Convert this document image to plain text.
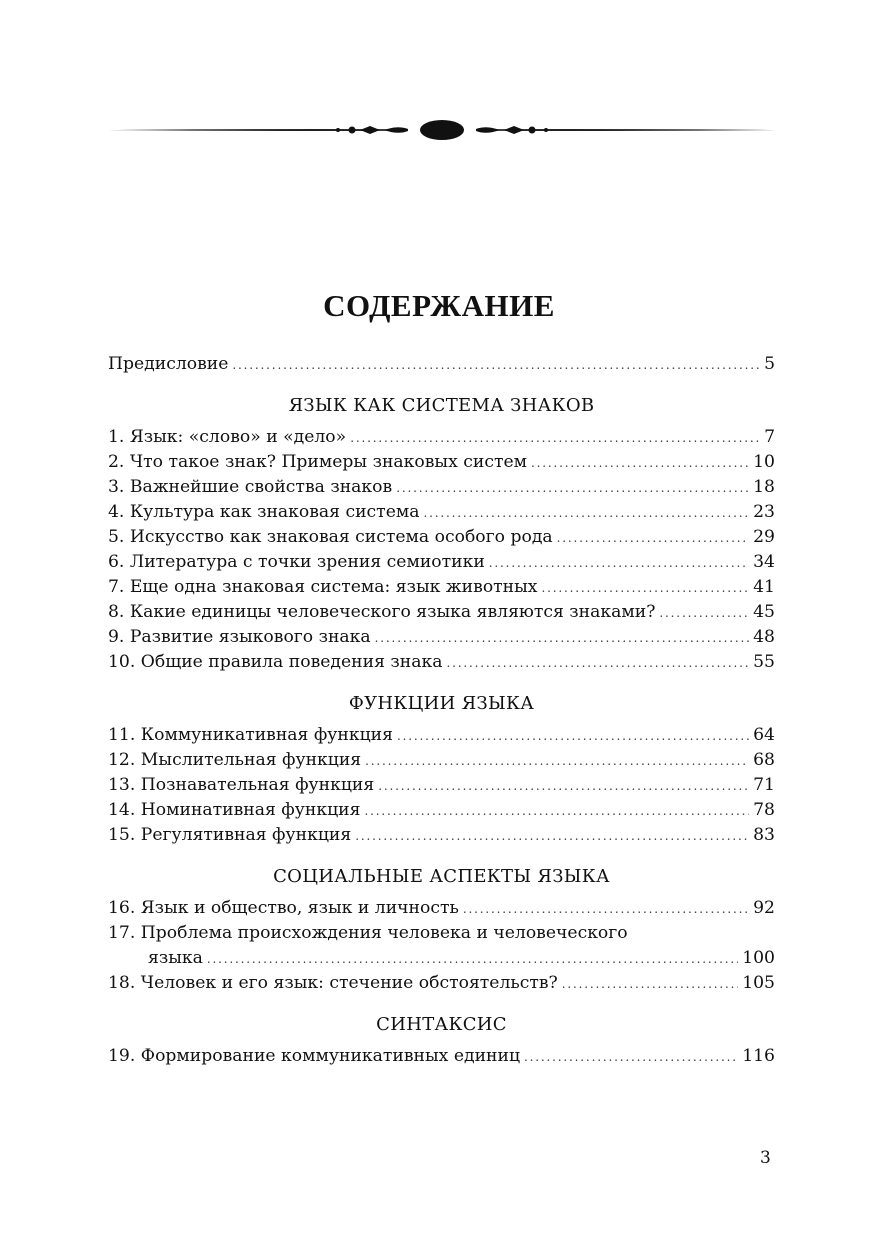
СОДЕРЖАНИЕ
Предисловие . . .	5
ЯЗЫК КАК СИСТЕМА ЗНАКОВ
1. Язык: «слово» и «дело» . . .	7
2. Что такое знак? Примеры знаковых систем . . .	10
3. Важнейшие свойства знаков . . .	18
4. Культура как знаковая система . . .	23
5. Искусство как знаковая система особого рода . . .	29
6. Литература с точки зрения семиотики . . .	34
7. Еще одна знаковая система: язык животных . . .	41
8. Какие единицы человеческого языка являются знаками? . . .	45
9. Развитие языкового знака . . .	48
10. Общие правила поведения знака . . .	55
ФУНКЦИИ ЯЗЫКА
11. Коммуникативная функция . . .	64
12. Мыслительная функция . . .	68
13. Познавательная функция . . .	71
14. Номинативная функция . . .	78
15. Регулятивная функция . . .	83
СОЦИАЛЬНЫЕ АСПЕКТЫ ЯЗЫКА
16. Язык и общество, язык и личность . . .	92
17. Проблема происхождения человека и человеческого
языка . . .	100
18. Человек и его язык: стечение обстоятельств? . . .	105
СИНТАКСИС
19. Формирование коммуникативных единиц . . .	116
3
